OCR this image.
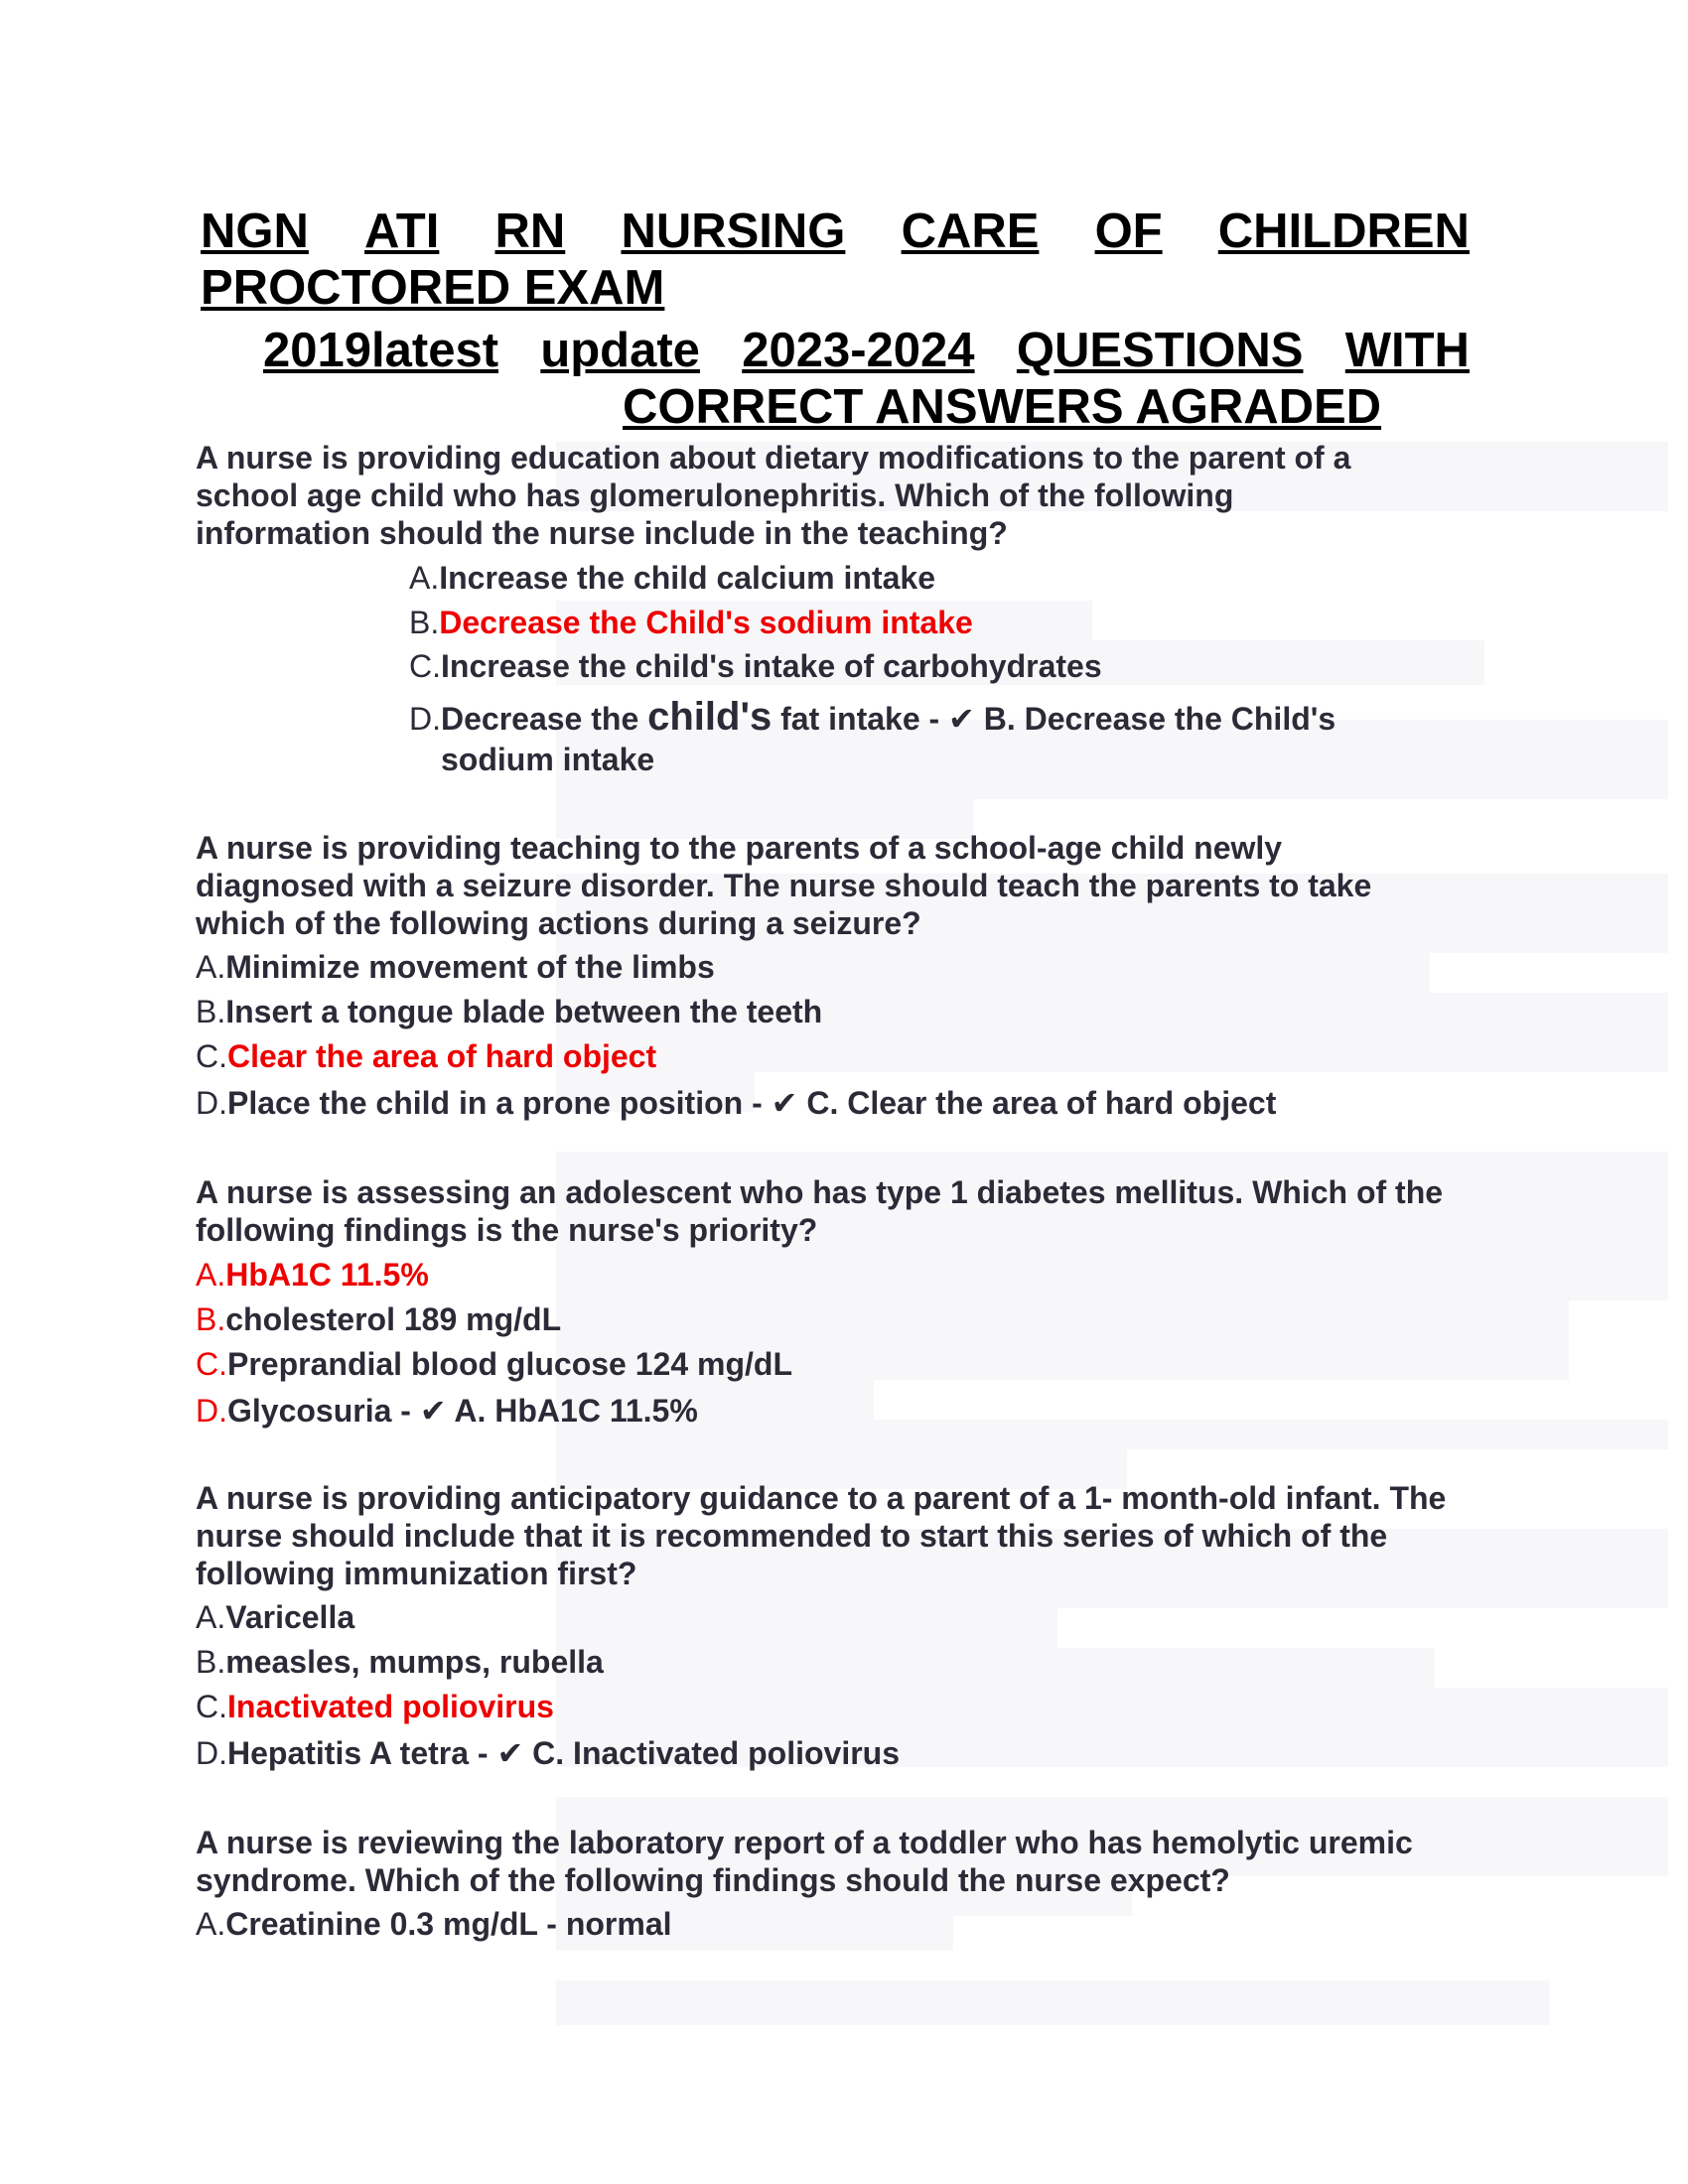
NGN ATI RN NURSING CARE OF CHILDREN
PROCTORED EXAM
2019latest update 2023-2024 QUESTIONS WITH
CORRECT ANSWERS AGRADED
A nurse is providing education about dietary modifications to the parent of a school age child who has glomerulonephritis. Which of the following information should the nurse include in the teaching?
A.Increase the child calcium intake
B.Decrease the Child's sodium intake
C.Increase the child's intake of carbohydrates
D.Decrease the child's fat intake - ✔ B. Decrease the Child's
sodium intake
A nurse is providing teaching to the parents of a school-age child newly diagnosed with a seizure disorder. The nurse should teach the parents to take which of the following actions during a seizure?
A.Minimize movement of the limbs
B.Insert a tongue blade between the teeth
C.Clear the area of hard object
D.Place the child in a prone position - ✔ C. Clear the area of hard object
A nurse is assessing an adolescent who has type 1 diabetes mellitus. Which of the following findings is the nurse's priority?
A.HbA1C 11.5%
B.cholesterol 189 mg/dL
C.Preprandial blood glucose 124 mg/dL
D.Glycosuria - ✔ A. HbA1C 11.5%
A nurse is providing anticipatory guidance to a parent of a 1- month-old infant. The nurse should include that it is recommended to start this series of which of the following immunization first?
A.Varicella
B.measles, mumps, rubella
C.Inactivated poliovirus
D.Hepatitis A tetra - ✔ C. Inactivated poliovirus
A nurse is reviewing the laboratory report of a toddler who has hemolytic uremic syndrome. Which of the following findings should the nurse expect?
A.Creatinine 0.3 mg/dL - normal
